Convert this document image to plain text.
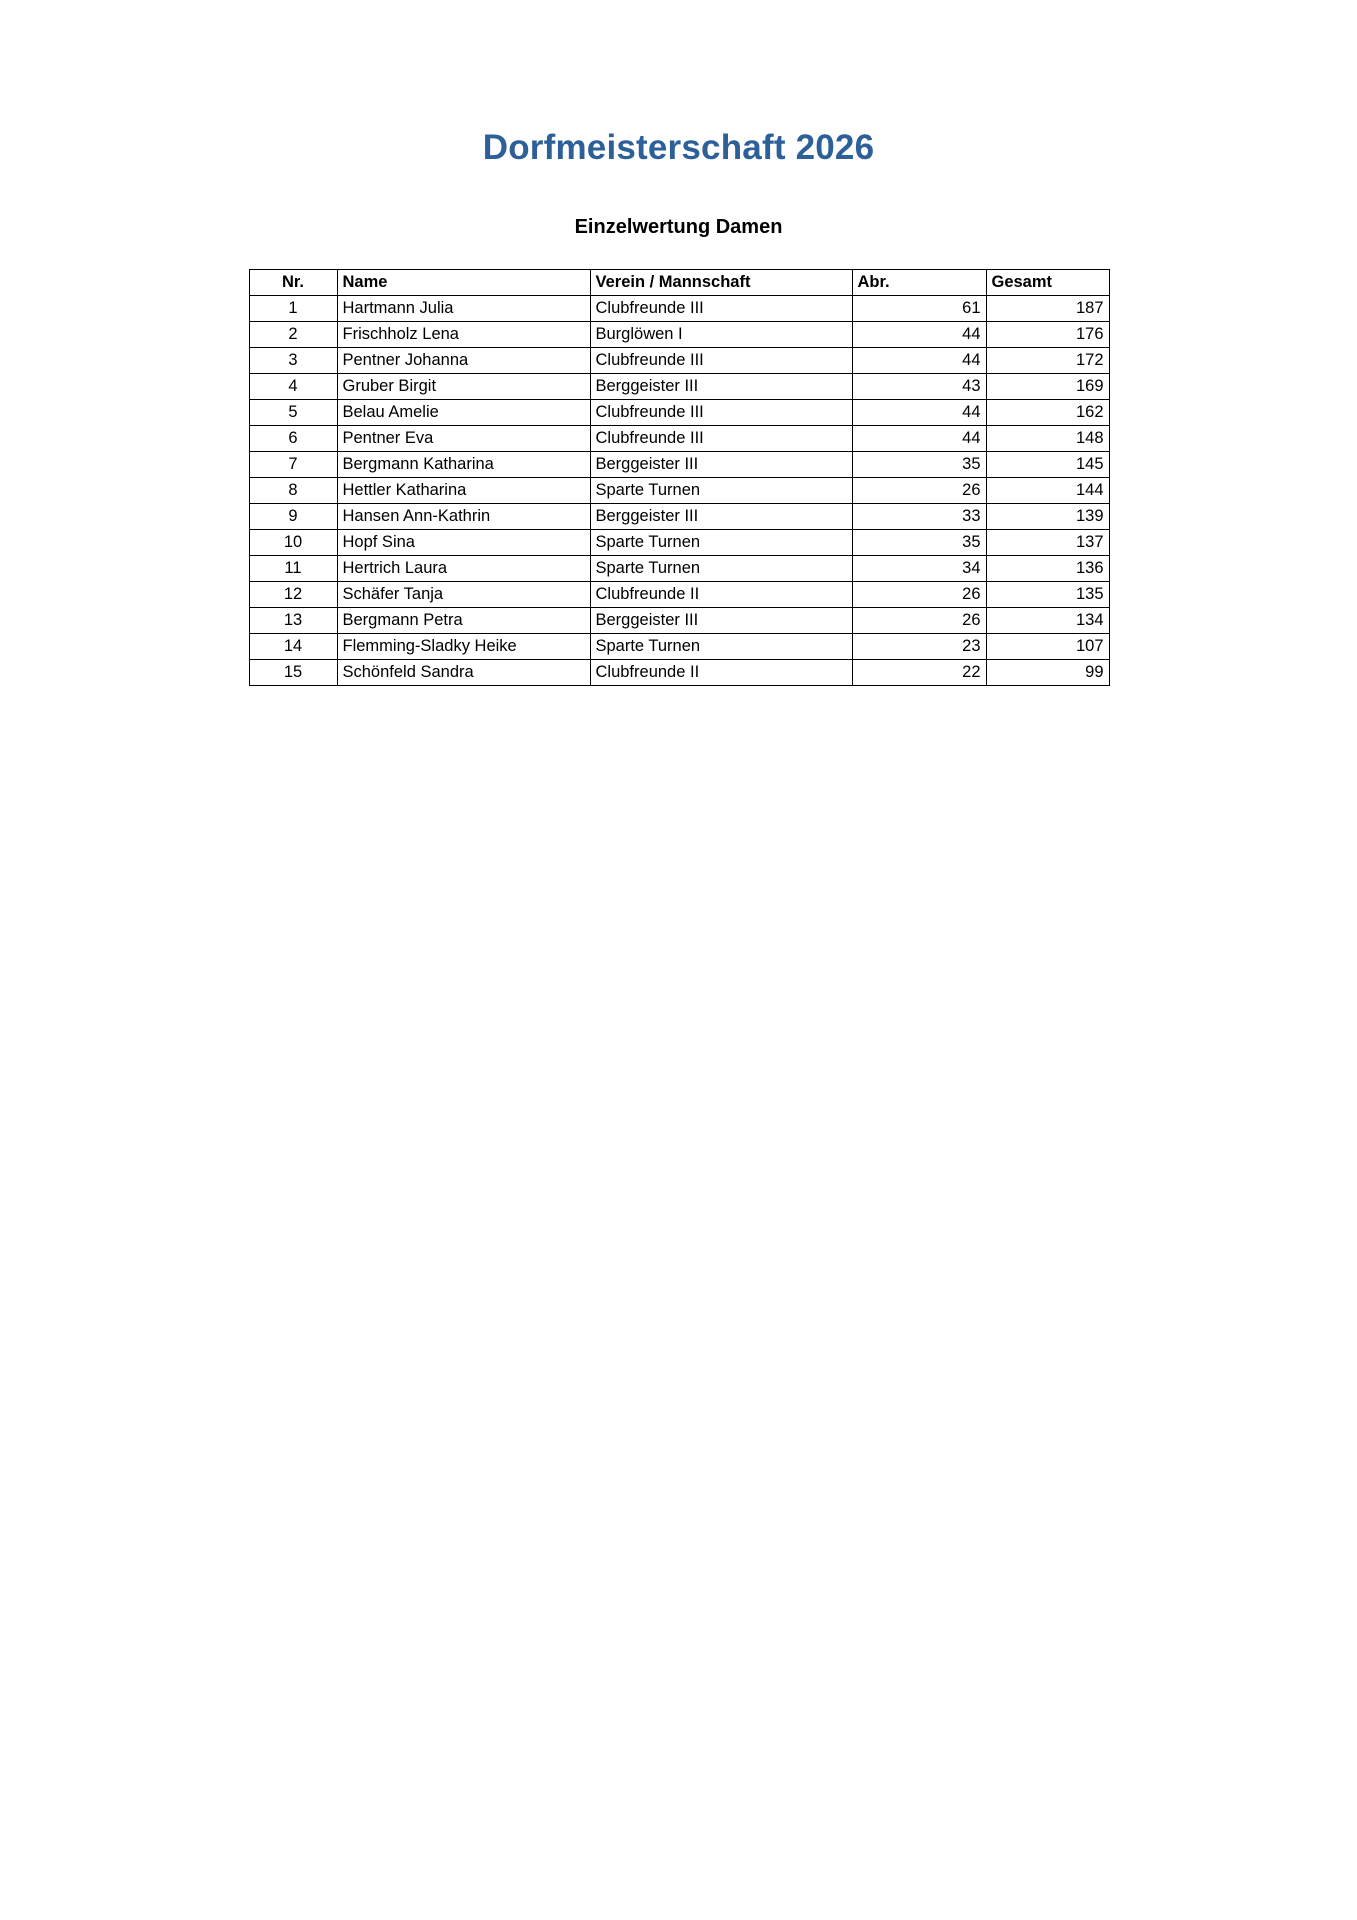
Dorfmeisterschaft 2026
Einzelwertung Damen
Nr.	Name	Verein / Mannschaft	Abr.	Gesamt
1	Hartmann Julia	Clubfreunde III	61	187
2	Frischholz Lena	Burglöwen I	44	176
3	Pentner Johanna	Clubfreunde III	44	172
4	Gruber Birgit	Berggeister III	43	169
5	Belau Amelie	Clubfreunde III	44	162
6	Pentner Eva	Clubfreunde III	44	148
7	Bergmann Katharina	Berggeister III	35	145
8	Hettler Katharina	Sparte Turnen	26	144
9	Hansen Ann-Kathrin	Berggeister III	33	139
10	Hopf Sina	Sparte Turnen	35	137
11	Hertrich Laura	Sparte Turnen	34	136
12	Schäfer Tanja	Clubfreunde II	26	135
13	Bergmann Petra	Berggeister III	26	134
14	Flemming-Sladky Heike	Sparte Turnen	23	107
15	Schönfeld Sandra	Clubfreunde II	22	99
